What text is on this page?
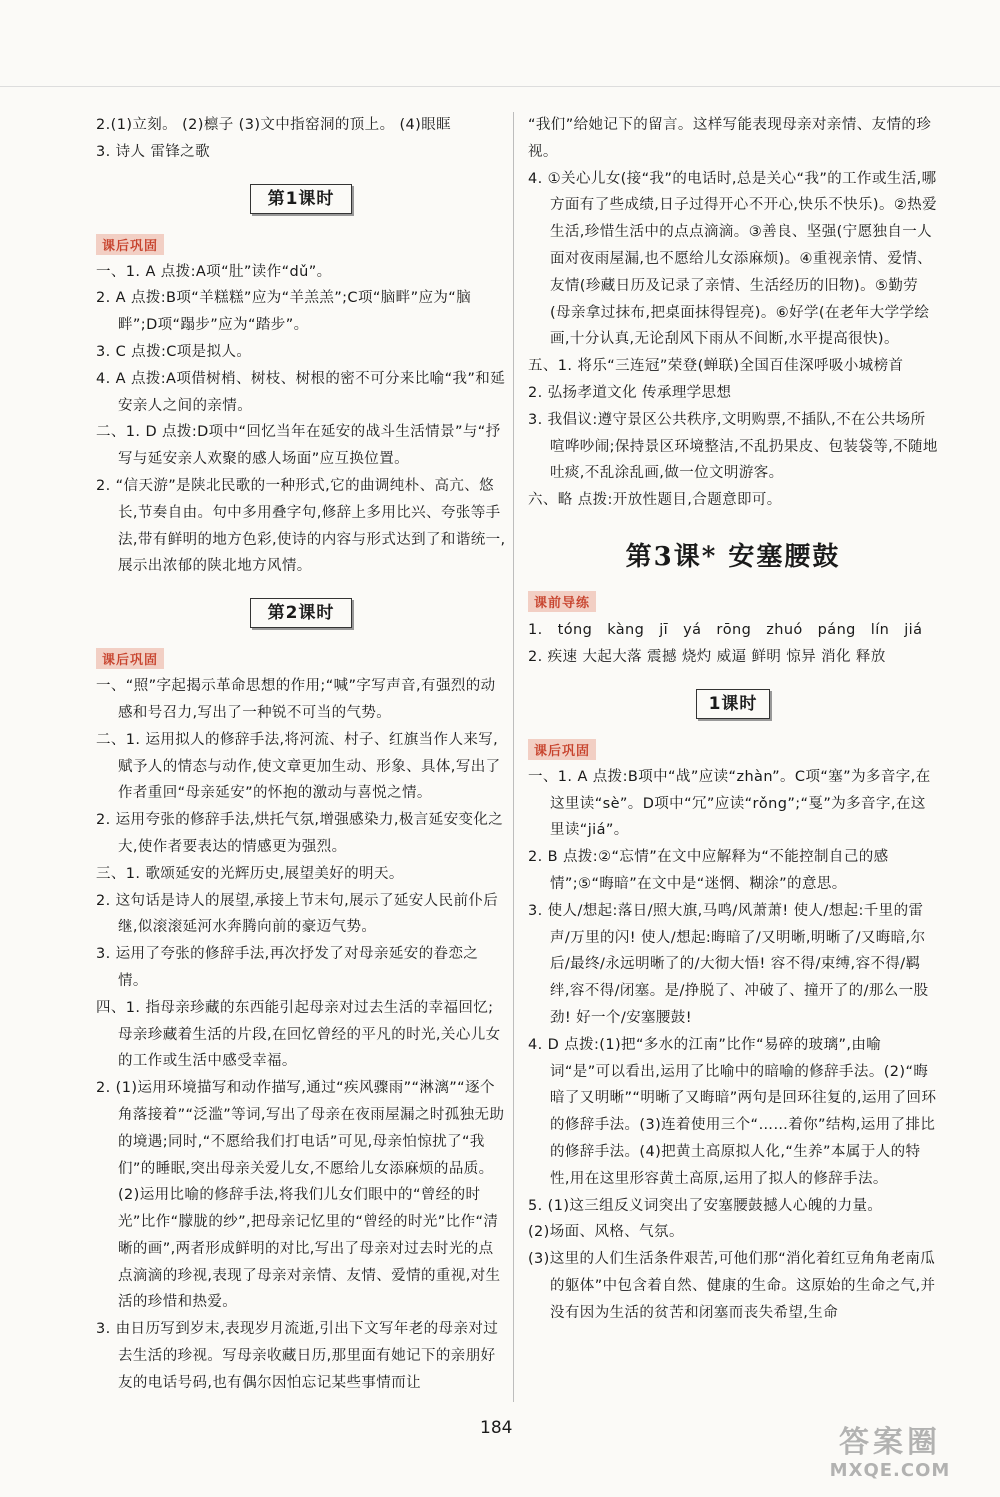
2.(1)立刻。 (2)檩子 (3)文中指窑洞的顶上。 (4)眼眶

3. 诗人 雷锋之歌

第1课时
课后巩固

一、1. A 点拨:A项“肚”读作“dǔ”。

2. A 点拨:B项“羊糕糕”应为“羊羔羔”;C项“脑畔”应为“脑畔”;D项“蹋步”应为“踏步”。

3. C 点拨:C项是拟人。

4. A 点拨:A项借树梢、树枝、树根的密不可分来比喻“我”和延安亲人之间的亲情。

二、1. D 点拨:D项中“回忆当年在延安的战斗生活情景”与“抒写与延安亲人欢聚的感人场面”应互换位置。

2. “信天游”是陕北民歌的一种形式,它的曲调纯朴、高亢、悠长,节奏自由。句中多用叠字句,修辞上多用比兴、夸张等手法,带有鲜明的地方色彩,使诗的内容与形式达到了和谐统一,展示出浓郁的陕北地方风情。

第2课时
课后巩固

一、“照”字起揭示革命思想的作用;“喊”字写声音,有强烈的动感和号召力,写出了一种锐不可当的气势。

二、1. 运用拟人的修辞手法,将河流、村子、红旗当作人来写,赋予人的情态与动作,使文章更加生动、形象、具体,写出了作者重回“母亲延安”的怀抱的激动与喜悦之情。

2. 运用夸张的修辞手法,烘托气氛,增强感染力,极言延安变化之大,使作者要表达的情感更为强烈。

三、1. 歌颂延安的光辉历史,展望美好的明天。

2. 这句话是诗人的展望,承接上节末句,展示了延安人民前仆后继,似滚滚延河水奔腾向前的豪迈气势。

3. 运用了夸张的修辞手法,再次抒发了对母亲延安的眷恋之情。

四、1. 指母亲珍藏的东西能引起母亲对过去生活的幸福回忆;母亲珍藏着生活的片段,在回忆曾经的平凡的时光,关心儿女的工作或生活中感受幸福。

2. (1)运用环境描写和动作描写,通过“疾风骤雨”“淋漓”“逐个角落接着”“泛滥”等词,写出了母亲在夜雨屋漏之时孤独无助的境遇;同时,“不愿给我们打电话”可见,母亲怕惊扰了“我们”的睡眠,突出母亲关爱儿女,不愿给儿女添麻烦的品质。 (2)运用比喻的修辞手法,将我们儿女们眼中的“曾经的时光”比作“朦胧的纱”,把母亲记忆里的“曾经的时光”比作“清晰的画”,两者形成鲜明的对比,写出了母亲对过去时光的点点滴滴的珍视,表现了母亲对亲情、友情、爱情的重视,对生活的珍惜和热爱。

3. 由日历写到岁末,表现岁月流逝,引出下文写年老的母亲对过去生活的珍视。写母亲收藏日历,那里面有她记下的亲朋好友的电话号码,也有偶尔因怕忘记某些事情而让

“我们”给她记下的留言。这样写能表现母亲对亲情、友情的珍视。

4. ①关心儿女(接“我”的电话时,总是关心“我”的工作或生活,哪方面有了些成绩,日子过得开心不开心,快乐不快乐)。②热爱生活,珍惜生活中的点点滴滴。③善良、坚强(宁愿独自一人面对夜雨屋漏,也不愿给儿女添麻烦)。④重视亲情、爱情、友情(珍藏日历及记录了亲情、生活经历的旧物)。⑤勤劳(母亲拿过抹布,把桌面抹得锃亮)。⑥好学(在老年大学学绘画,十分认真,无论刮风下雨从不间断,水平提高很快)。

五、1. 将乐“三连冠”荣登(蝉联)全国百佳深呼吸小城榜首

2. 弘扬孝道文化 传承理学思想

3. 我倡议:遵守景区公共秩序,文明购票,不插队,不在公共场所喧哗吵闹;保持景区环境整洁,不乱扔果皮、包装袋等,不随地吐痰,不乱涂乱画,做一位文明游客。

六、略 点拨:开放性题目,合题意即可。

第3课* 安塞腰鼓
课前导练

1. tóng kàng jī yá rōng zhuó páng lín jiá

2. 疾速 大起大落 震撼 烧灼 威逼 鲜明 惊异 消化 释放

1课时
课后巩固

一、1. A 点拨:B项中“战”应读“zhàn”。C项“塞”为多音字,在这里读“sè”。D项中“冗”应读“rǒng”;“戛”为多音字,在这里读“jiá”。

2. B 点拨:②“忘情”在文中应解释为“不能控制自己的感情”;⑤“晦暗”在文中是“迷惘、糊涂”的意思。

3. 使人/想起:落日/照大旗,马鸣/风萧萧! 使人/想起:千里的雷声/万里的闪! 使人/想起:晦暗了/又明晰,明晰了/又晦暗,尔后/最终/永远明晰了的/大彻大悟! 容不得/束缚,容不得/羁绊,容不得/闭塞。是/挣脱了、冲破了、撞开了的/那么一股劲! 好一个/安塞腰鼓!

4. D 点拨:(1)把“多水的江南”比作“易碎的玻璃”,由喻词“是”可以看出,运用了比喻中的暗喻的修辞手法。(2)“晦暗了又明晰”“明晰了又晦暗”两句是回环往复的,运用了回环的修辞手法。(3)连着使用三个“……着你”结构,运用了排比的修辞手法。(4)把黄土高原拟人化,“生养”本属于人的特性,用在这里形容黄土高原,运用了拟人的修辞手法。

5. (1)这三组反义词突出了安塞腰鼓撼人心魄的力量。

(2)场面、风格、气氛。

(3)这里的人们生活条件艰苦,可他们那“消化着红豆角角老南瓜的躯体”中包含着自然、健康的生命。这原始的生命之气,并没有因为生活的贫苦和闭塞而丧失希望,生命

184	答案圈
MXQE.COM
